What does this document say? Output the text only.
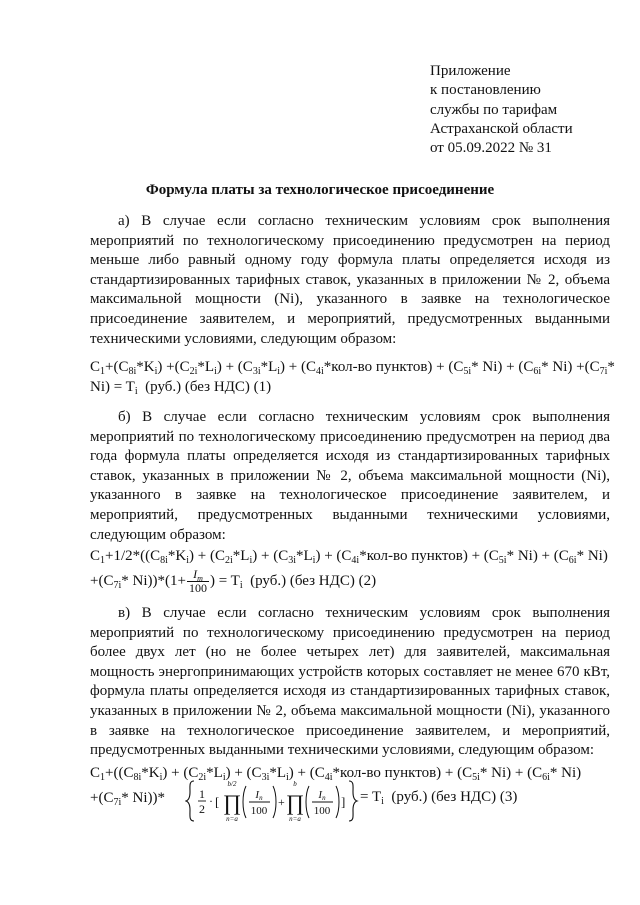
Приложение
к постановлению
службы по тарифам
Астраханской области
от 05.09.2022 № 31
Формула платы за технологическое присоединение
а) В случае если согласно техническим условиям срок выполнения мероприятий по технологическому присоединению предусмотрен на период меньше либо равный одному году формула платы определяется исходя из стандартизированных тарифных ставок, указанных в приложении № 2, объема максимальной мощности (Ni), указанного в заявке на технологическое присоединение заявителем, и мероприятий, предусмотренных выданными техническими условиями, следующим образом:
$C_1+(C_{8i}*K_i) +(C_{2i}*L_i) + (C_{3i}*L_i) + (C_{4i}*кол-во$ пунктов) + ($C_{5i}*$ $Ni) + (C_{6i}*$ $Ni) +(C_{7i}*$
$Ni) = T_i$  (руб.) (без НДС) (1)
б) В случае если согласно техническим условиям срок выполнения мероприятий по технологическому присоединению предусмотрен на период два года формула платы определяется исходя из стандартизированных тарифных ставок, указанных в приложении № 2, объема максимальной мощности (Ni), указанного в заявке на технологическое присоединение заявителем, и мероприятий, предусмотренных выданными техническими условиями, следующим образом:
$C_1+1/2*((C_{8i}*K_i) + (C_{2i}*L_i) + (C_{3i}*L_i) + (C_{4i}*кол-во$ пунктов) + ($C_{5i}*$ $Ni) + (C_{6i}*$ Ni)
$+(C_{7i}*$ $Ni))*(1+ \frac{I_m}{100}$ ) = $T_i$  (руб.) (без НДС) (2)
в) В случае если согласно техническим условиям срок выполнения мероприятий по технологическому присоединению предусмотрен на период более двух лет (но не более четырех лет) для заявителей, максимальная мощность энергопринимающих устройств которых составляет не менее 670 кВт, формула платы определяется исходя из стандартизированных тарифных ставок, указанных в приложении № 2, объема максимальной мощности (Ni), указанного в заявке на технологическое присоединение заявителем, и мероприятий, предусмотренных выданными техническими условиями, следующим образом:
$C_1+((C_{8i}*K_i) + (C_{2i}*L_i) + (C_{3i}*L_i) + (C_{4i}*кол-во$ пунктов) + ($C_{5i}*$ $Ni) + (C_{6i}*$ Ni)
$+(C_{7i}*$ Ni))*	1
2
· [
b/2
∏
n=a
In
100
+
b
∏
n=a
In
100
] = $T_i$  (руб.) (без НДС) (3)
